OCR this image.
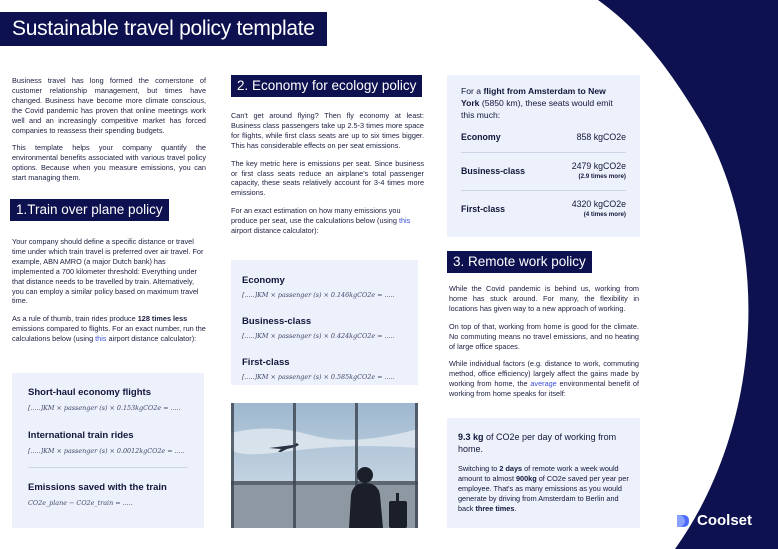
Sustainable travel policy template

Business travel has long formed the cornerstone of customer relationship management, but times have changed. Business have become more climate conscious, the Covid pandemic has proven that online meetings work well and an increasingly competitive market has forced companies to reassess their spending budgets.

This template helps your company quantify the environmental benefits associated with various travel policy options. Because when you measure emissions, you can start managing them.

1.Train over plane policy

Your company should define a specific distance or travel time under which train travel is preferred over air travel. For example, ABN AMRO (a major Dutch bank) has implemented a 700 kilometer threshold: Everything under that distance needs to be travelled by train. Alternatively, you can employ a similar policy based on maximum travel time.

As a rule of thumb, train rides produce 128 times less emissions compared to flights. For an exact number, run the calculations below (using this airport distance calculator):

Short-haul economy flights
[.....]KM × passenger (s) × 0.153kgCO2e = .....
International train rides
[.....]KM × passenger (s) × 0.0012kgCO2e = .....
Emissions saved with the train
CO2e_plane − CO2e_train = .....
2. Economy for ecology policy

Can't get around flying? Then fly economy at least: Business class passengers take up 2.5-3 times more space for flights, while first class seats are up to six times bigger. This has considerable effects on per seat emissions.

The key metric here is emissions per seat. Since business or first class seats reduce an airplane's total passenger capacity, these seats relatively account for 3-4 times more emissions.

For an exact estimation on how many emissions you produce per seat, use the calculations below (using this airport distance calculator):

Economy
[.....]KM × passenger (s) × 0.146kgCO2e = .....
Business-class
[.....]KM × passenger (s) × 0.424kgCO2e = .....
First-class
[.....]KM × passenger (s) × 0.585kgCO2e = .....
For a flight from Amsterdam to New York (5850 km), these seats would emit this much:
Economy	858 kgCO2e
Business-class	2479 kgCO2e
(2.9 times more)
First-class	4320 kgCO2e
(4 times more)
3. Remote work policy

While the Covid pandemic is behind us, working from home has stuck around. For many, the flexibility in locations has given way to a new approach of working.

On top of that, working from home is good for the climate. No commuting means no travel emissions, and no heating of large office spaces.

While individual factors (e.g. distance to work, commuting method, office efficiency) largely affect the gains made by working from home, the average environmental benefit of working from home speaks for itself:

9.3 kg of CO2e per day of working from home.
Switching to 2 days of remote work a week would amount to almost 900kg of CO2e saved per year per employee. That's as many emissions as you would generate by driving from Amsterdam to Berlin and back three times.
Coolset
